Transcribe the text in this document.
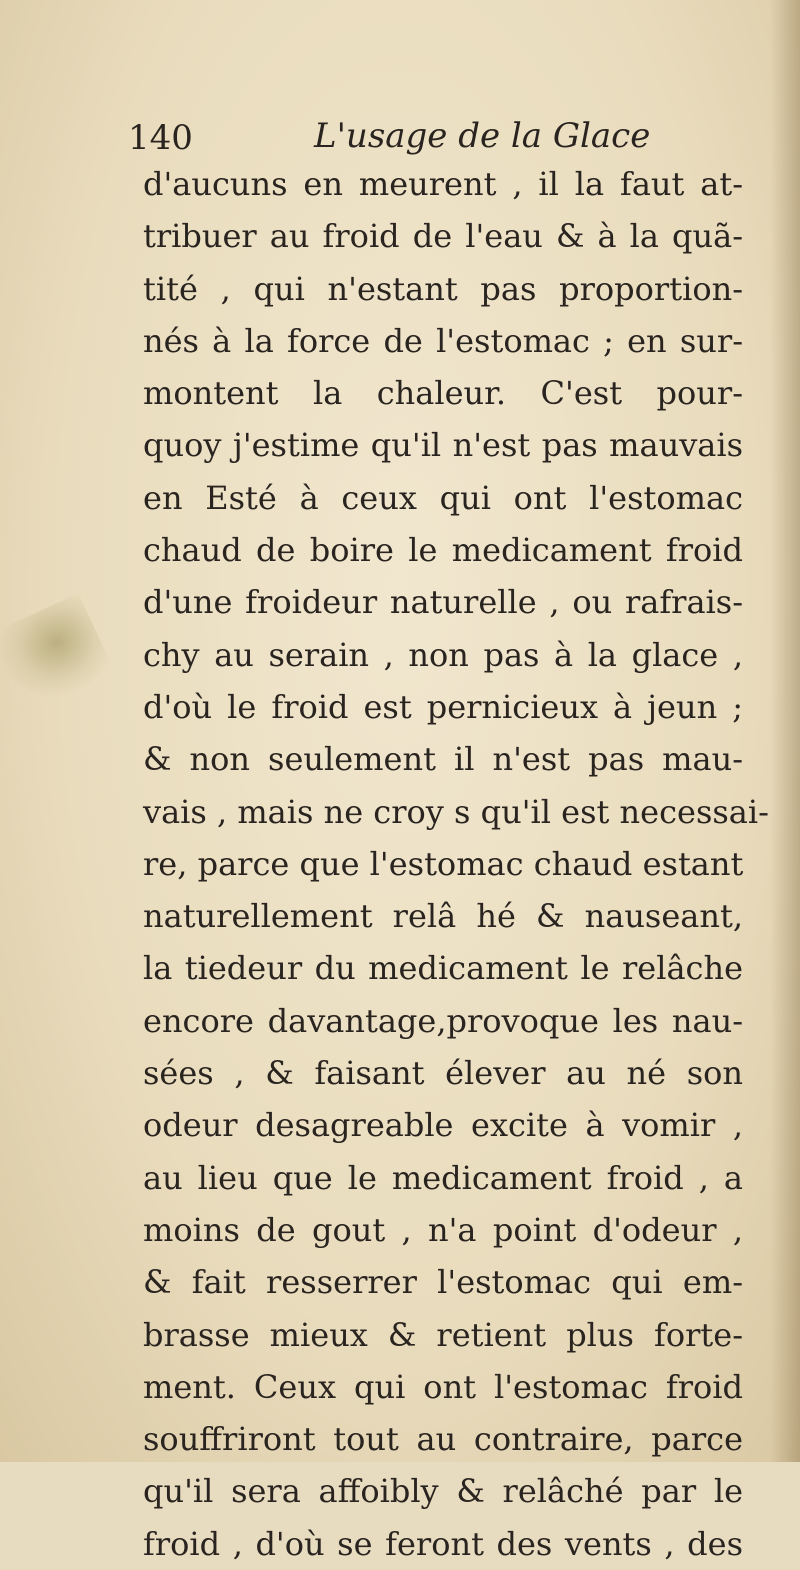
140	L'usage de la Glace
d'aucuns en meurent , il la faut at-
tribuer au froid de l'eau & à la quã-
tité , qui n'estant pas proportion-
nés à la force de l'estomac ; en sur-
montent la chaleur. C'est pour-
quoy j'estime qu'il n'est pas mauvais
en Esté à ceux qui ont l'estomac
chaud de boire le medicament froid
d'une froideur naturelle , ou rafrais-
chy au serain , non pas à la glace ,
d'où le froid est pernicieux à jeun ;
& non seulement il n'est pas mau-
vais , mais ne croy s qu'il est necessai-
re, parce que l'estomac chaud estant
naturellement relâ hé & nauseant,
la tiedeur du medicament le relâche
encore davantage,provoque les nau-
sées , & faisant élever au né son
odeur desagreable excite à vomir ,
au lieu que le medicament froid , a
moins de gout , n'a point d'odeur ,
& fait resserrer l'estomac qui em-
brasse mieux & retient plus forte-
ment. Ceux qui ont l'estomac froid
souffriront tout au contraire, parce
qu'il sera affoibly & relâché par le
froid , d'où se feront des vents , des
